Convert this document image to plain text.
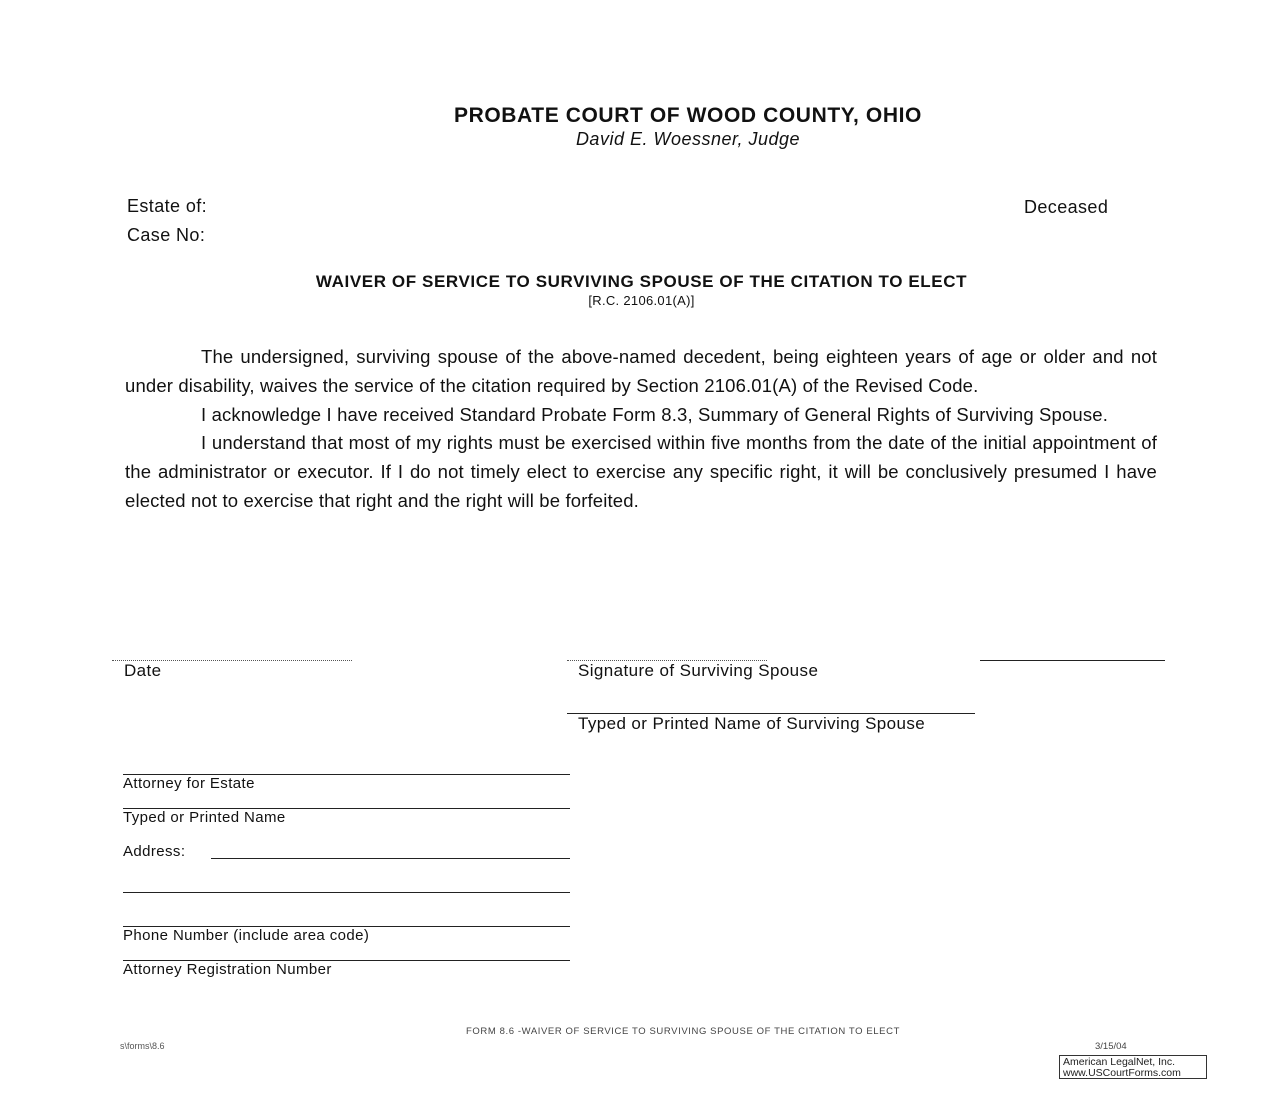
PROBATE COURT OF WOOD COUNTY, OHIO
David E. Woessner, Judge
Estate of:
Case No:
Deceased
WAIVER OF SERVICE TO SURVIVING SPOUSE OF THE CITATION TO ELECT
[R.C. 2106.01(A)]

The undersigned, surviving spouse of the above-named decedent, being eighteen years of age or older and not under disability, waives the service of the citation required by Section 2106.01(A) of the Revised Code.

I acknowledge I have received Standard Probate Form 8.3, Summary of General Rights of Surviving Spouse.

I understand that most of my rights must be exercised within five months from the date of the initial appointment of the administrator or executor. If I do not timely elect to exercise any specific right, it will be conclusively presumed I have elected not to exercise that right and the right will be forfeited.

Date	Signature of Surviving Spouse
Typed or Printed Name of Surviving Spouse
Attorney for Estate
Typed or Printed Name
Address:
Phone Number (include area code)
Attorney Registration Number
FORM 8.6 -WAIVER OF SERVICE TO SURVIVING SPOUSE OF THE CITATION TO ELECT
s\forms\8.6	3/15/04
American LegalNet, Inc.
www.USCourtForms.com
